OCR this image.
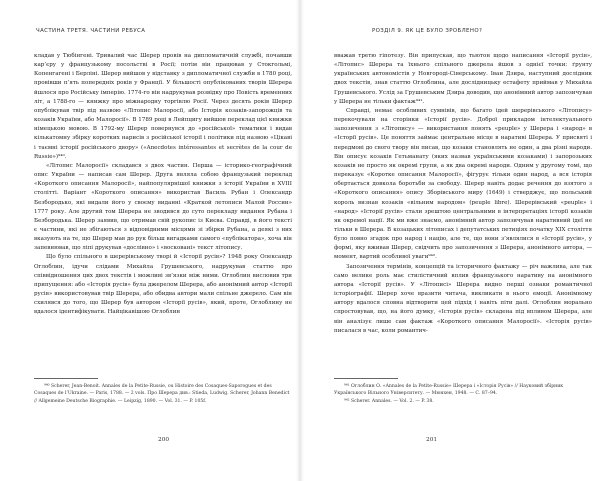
ЧАСТИНА ТРЕТЯ. ЧАСТИНИ РЕБУСА

кладав у Тюбінгені. Тривалий час Шерер провів на дипломатичній службі, почавши кар’єру у французькому посольстві в Росії; потім він працював у Стокгольмі, Копенгагені і Берліні. Шерер вийшов у відставку з дипломатичної служби в 1780 році, провівши п’ять попередніх років у Франції. У більшості опублікованих творів Шерера йшлося про Російську імперію. 1774-го він надрукував розвідку про Повість временних літ, а 1788-го — книжку про міжнародну торгівлю Росії. Через десять років Шерер опублікував твір під назвою «Літопис Малоросії, або Історія козаків-запорожців та козаків України, або Малоросії». В 1789 році в Лейпцигу вийшов переклад цієї книжки німецькою мовою. В 1792-му Шерер повернувся до «російської» тематики і видав кількатомну збірку коротких нарисів з російської історії і політики під назвою «Цікаві і таємні історії російського двору» («Anecdotes intéressantes et secrètes de la cour de Russie»)⁹⁴⁰.

«Літопис Малоросії» складався з двох частин. Перша — історико-географічний опис України — написав сам Шерер. Друга являла собою французький переклад «Короткого описання Малоросії», найпопулярнішої книжки з історії України в XVIII столітті. Варіант «Короткого описання» використав Василь Рубан і Олександр Безбородько, які видали його у своєму виданні «Краткой летописи Малой России» 1777 року. Але другий том Шерера не зводився до суто перекладу видання Рубана і Безбородька. Шерер заявив, що отримав свій рукопис із Києва. Справді, в його тексті є частини, які не збігаються з відповідними місцями зі збірки Рубана, а деякі з них вказують на те, що Шерер мав до рук більш вигадками самого «публікатора», хоча він запевнював, що ліпі друкував «дослівно» і «восковані» текст літопису.

Що було спільного в шерерівському творі й «Історії русів»? 1948 року Олександр Оглоблин, ідучи слідами Михайла Грушевського, надрукував статтю про співвідношення цих двох текстів і можливі зв’язки між ними. Оглоблин висловив три припущення: або «Історія русів» була джерелом Шерера, або анонімний автор «Історії русів» використовував твір Шерера, або обидва автори мали спільне джерело. Сам він схилявся до того, що Шерер був автором «Історії русів», який, проте, Оглоблину не вдалося ідентифікувати. Найцікавішою Оглоблин

⁹⁴⁰ Scherer, Jean-Benoit. Annales de la Petite-Russie, ou Histoire des Cosaques-Saporogues et des Cosaques de l’Ukraine. — Paris, 1788. — 2 vols. Про Шерера див.: Stieda, Ludwig. Scherer, Johann Benedict // Allgemeine Deutsche Biographie. — Leipzig, 1890. — Vol. 31. — P. 105f.

200
РОЗДІЛ 9. ЯК ЦЕ БУЛО ЗРОБЛЕНО?

вважав третю гіпотезу. Він припускав, що тьютон щодо написання «Історії русів», «Літопис» Шерера та їхнього спільного джерела йшов з однієї точки: ґрунту українських автономістів у Новгороді-Сіверському. Іван Дзира, наступний дослідник двох текстів, знав статтю Оглоблина, але дослідницьку естафету приймав у Михайла Грушевського. Услід за Грушевським Дзира доводив, що анонімний автор запозичував у Шерера не тільки фактаж⁹⁴¹.

Справді, немає особливих сумнівів, що багато ідей шерерівського «Літопису» перекочували на сторінки «Історії русів». Доброї прикладом інтелектуального запозичення з «Літопису» — використання понять «peuple» у Шерера і «народ» в «Історії русів». Це поняття займає центральне місце в наративі Шерера. У присвяті і передмові до свого твору він писав, що козаки становлять не один, а два різні народи. Він описує козаків Гетьманату (яких назвав українськими козаками) і запорозьких козаків не просто як окремі групи, а як два окремі народи. Одним у другому томі, що переказує «Коротке описання Малоросії», фігурує тільки один народ, а вся історія обертається довкола боротьби за свободу. Шерер навіть додає речення до взятого з «Короткого описання» опису Зборівського миру (1649) і стверджує, що польський король визнав козаків «вільним народом» (peuple libre). Шерерівський «peuple» і «народ» «Історії русів» стали зрештою центральними в інтерпретаціях історії козаків як окремої нації. Як ми вже знаємо, анонімний автор запозичував наративний ідеї не тільки в Шерера. В козацьких літописах і депутатських петиціях початку XIX століття було повно згадок про народ і націю, але те, що вони з’являлися в «Історії русів», у формі, яку вживав Шерер, свідчить про запозичення з Шерера, анонімного автора, — момент, вартий особливої уваги⁹⁴².

Запозичення термінів, концепцій та історичного фактажу — річ важлива, але так само велике роль має стилістичний вплив французького наративу на анонімного автора «Історії русів». У «Літописі» Шерера видно перші ознаки романтичної історіографії. Шерер хоче вразити читача, викликати в нього емоції. Анонімному автору вдалося сповна відтворити цей підхід і навіть піти далі. Оглоблин морально спростовував, що, на його думку, «Історія русів» складена під впливом Шерера, але він аналізує лише сам фактаж «Короткого описання Малоросії». «Історія русів» писалася в час, коли романтич-

⁹⁴¹ Оглоблин О. «Annales de la Petite-Russie» Шерера і «Історія Русів» // Науковий збірник Українського Вільного Університету. — Мюнхен, 1948. — С. 87–94.

⁹⁴² Scherer. Annales. — Vol. 2. — P. 38.

201
